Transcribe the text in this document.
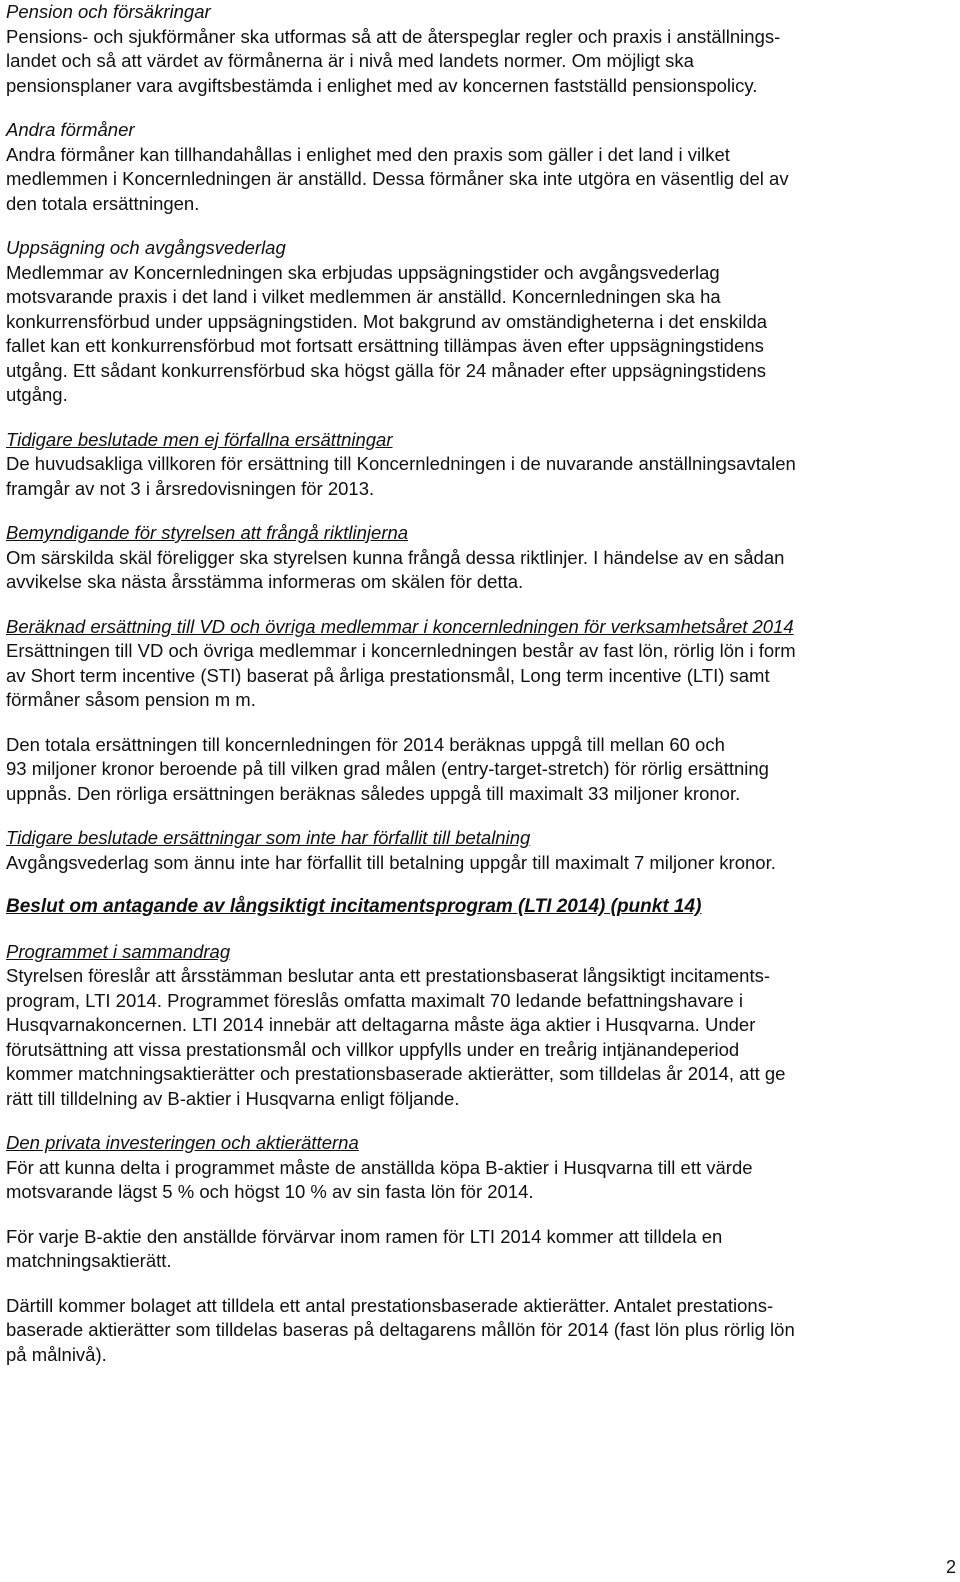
Pension och försäkringar

Pensions- och sjukförmåner ska utformas så att de återspeglar regler och praxis i anställnings-

landet och så att värdet av förmånerna är i nivå med landets normer. Om möjligt ska

pensionsplaner vara avgiftsbestämda i enlighet med av koncernen fastställd pensionspolicy.

Andra förmåner

Andra förmåner kan tillhandahållas i enlighet med den praxis som gäller i det land i vilket

medlemmen i Koncernledningen är anställd. Dessa förmåner ska inte utgöra en väsentlig del av

den totala ersättningen.

Uppsägning och avgångsvederlag

Medlemmar av Koncernledningen ska erbjudas uppsägningstider och avgångsvederlag

motsvarande praxis i det land i vilket medlemmen är anställd. Koncernledningen ska ha

konkurrensförbud under uppsägningstiden. Mot bakgrund av omständigheterna i det enskilda

fallet kan ett konkurrensförbud mot fortsatt ersättning tillämpas även efter uppsägningstidens

utgång. Ett sådant konkurrensförbud ska högst gälla för 24 månader efter uppsägningstidens

utgång.

Tidigare beslutade men ej förfallna ersättningar

De huvudsakliga villkoren för ersättning till Koncernledningen i de nuvarande anställningsavtalen

framgår av not 3 i årsredovisningen för 2013.

Bemyndigande för styrelsen att frångå riktlinjerna

Om särskilda skäl föreligger ska styrelsen kunna frångå dessa riktlinjer. I händelse av en sådan

avvikelse ska nästa årsstämma informeras om skälen för detta.

Beräknad ersättning till VD och övriga medlemmar i koncernledningen för verksamhetsåret 2014

Ersättningen till VD och övriga medlemmar i koncernledningen består av fast lön, rörlig lön i form

av Short term incentive (STI) baserat på årliga prestationsmål, Long term incentive (LTI) samt

förmåner såsom pension m m.

Den totala ersättningen till koncernledningen för 2014 beräknas uppgå till mellan 60 och

93 miljoner kronor beroende på till vilken grad målen (entry-target-stretch) för rörlig ersättning

uppnås. Den rörliga ersättningen beräknas således uppgå till maximalt 33 miljoner kronor.

Tidigare beslutade ersättningar som inte har förfallit till betalning

Avgångsvederlag som ännu inte har förfallit till betalning uppgår till maximalt 7 miljoner kronor.

Beslut om antagande av långsiktigt incitamentsprogram (LTI 2014) (punkt 14)

Programmet i sammandrag

Styrelsen föreslår att årsstämman beslutar anta ett prestationsbaserat långsiktigt incitaments-

program, LTI 2014. Programmet föreslås omfatta maximalt 70 ledande befattningshavare i

Husqvarnakoncernen. LTI 2014 innebär att deltagarna måste äga aktier i Husqvarna. Under

förutsättning att vissa prestationsmål och villkor uppfylls under en treårig intjänandeperiod

kommer matchningsaktierätter och prestationsbaserade aktierätter, som tilldelas år 2014, att ge

rätt till tilldelning av B-aktier i Husqvarna enligt följande.

Den privata investeringen och aktierätterna

För att kunna delta i programmet måste de anställda köpa B-aktier i Husqvarna till ett värde

motsvarande lägst 5 % och högst 10 % av sin fasta lön för 2014.

För varje B-aktie den anställde förvärvar inom ramen för LTI 2014 kommer att tilldela en

matchningsaktierätt.

Därtill kommer bolaget att tilldela ett antal prestationsbaserade aktierätter. Antalet prestations-

baserade aktierätter som tilldelas baseras på deltagarens mållön för 2014 (fast lön plus rörlig lön

på målnivå).

2
